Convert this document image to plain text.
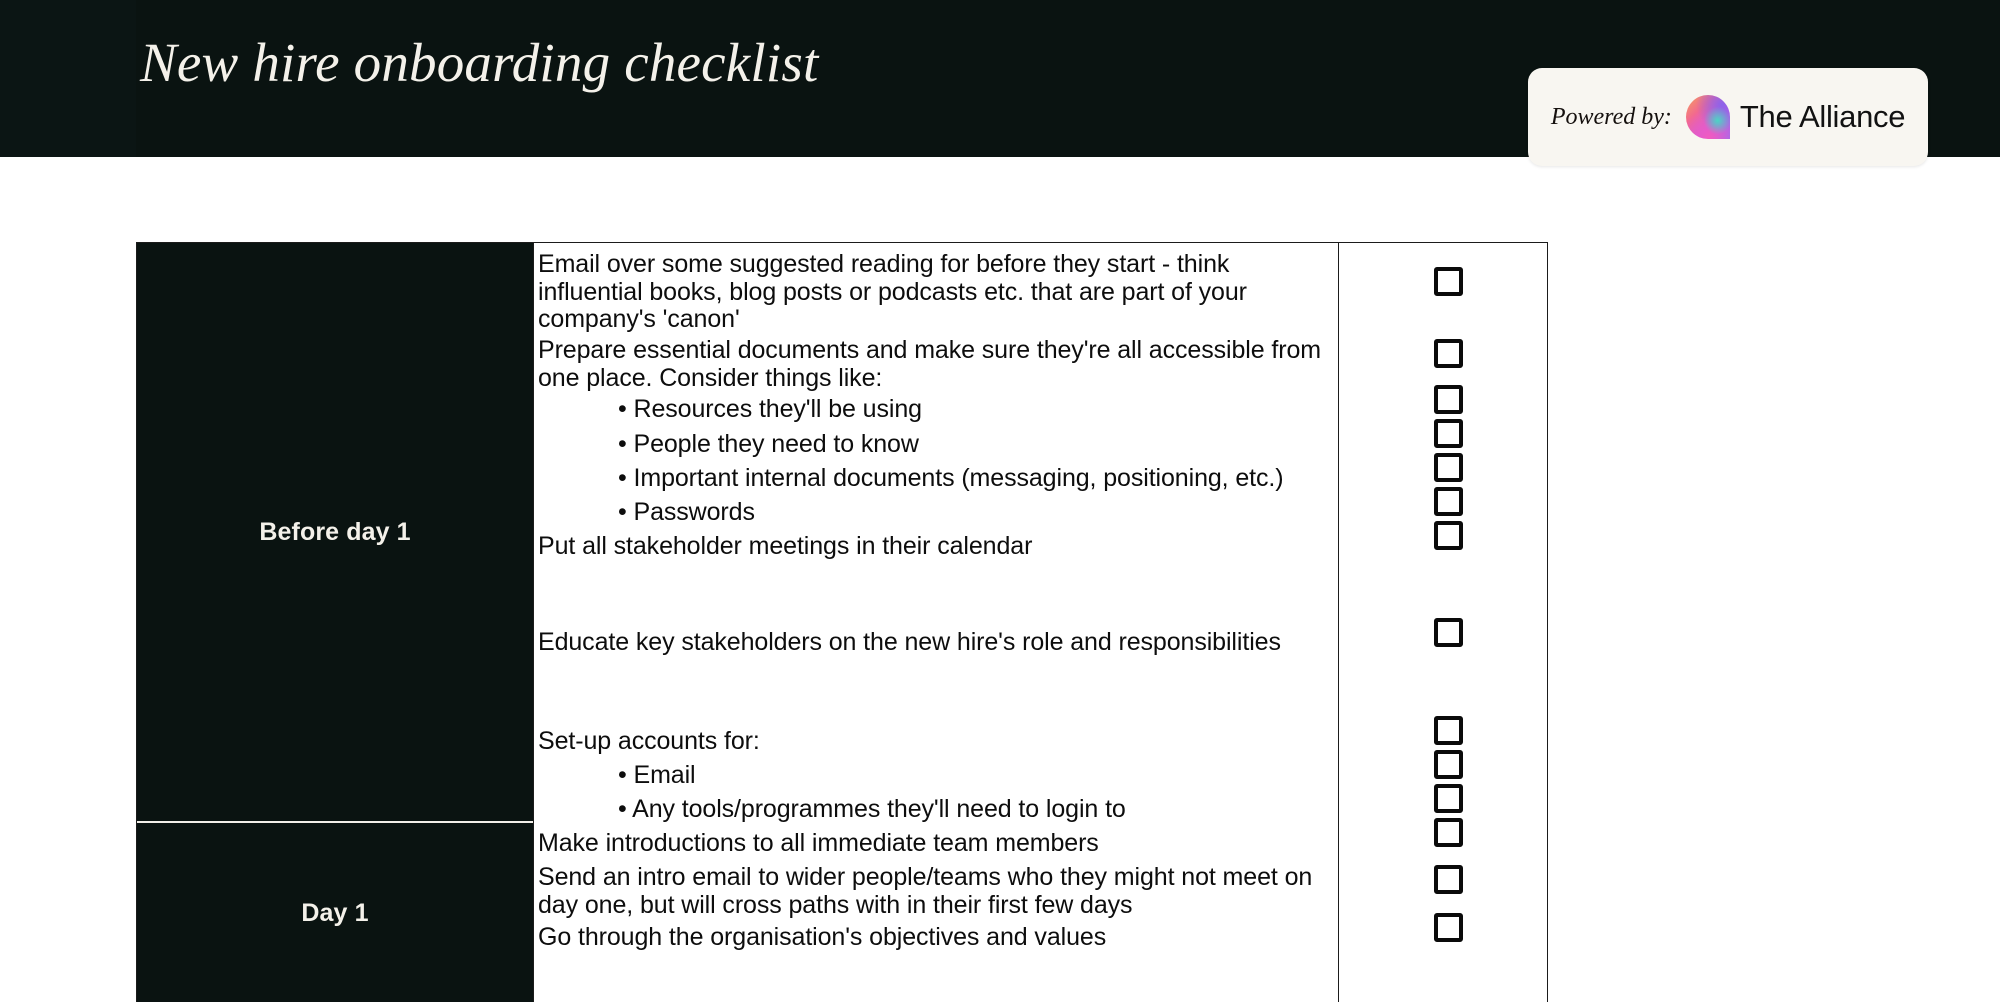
New hire onboarding checklist
Powered by: The Alliance
Before day 1
Day 1
Email over some suggested reading for before they start - think influential books, blog posts or podcasts etc. that are part of your company's 'canon'
Prepare essential documents and make sure they're all accessible from one place. Consider things like:
• Resources they'll be using
• People they need to know
• Important internal documents (messaging, positioning, etc.)
• Passwords
Put all stakeholder meetings in their calendar
Educate key stakeholders on the new hire's role and responsibilities
Set-up accounts for:
• Email
• Any tools/programmes they'll need to login to
Make introductions to all immediate team members
Send an intro email to wider people/teams who they might not meet on day one, but will cross paths with in their first few days
Go through the organisation's objectives and values
